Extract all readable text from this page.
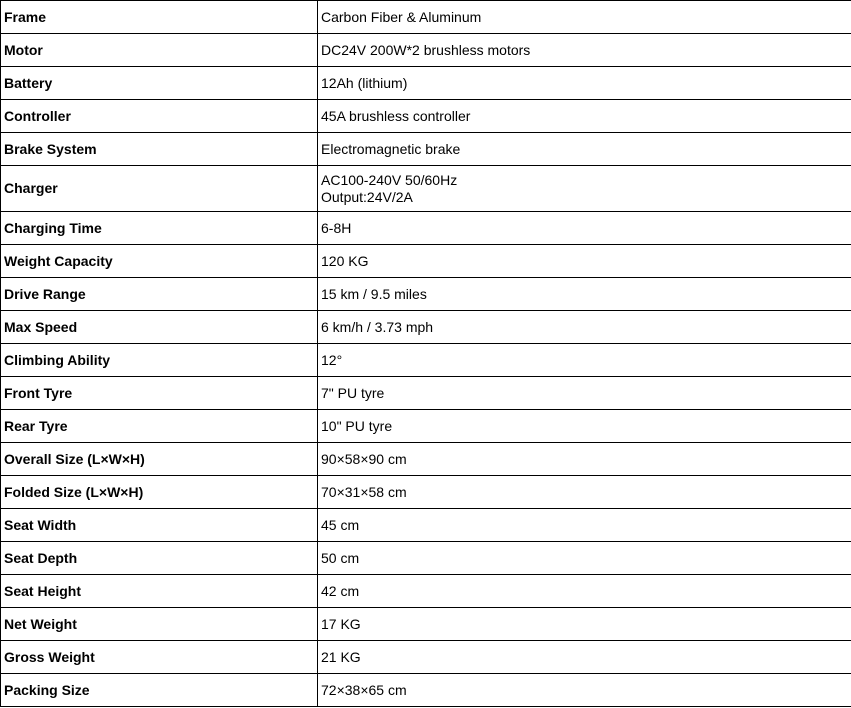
Frame	Carbon Fiber & Aluminum
Motor	DC24V 200W*2 brushless motors
Battery	12Ah (lithium)
Controller	45A brushless controller
Brake System	Electromagnetic brake
Charger	AC100-240V 50/60Hz
Output:24V/2A
Charging Time	6-8H
Weight Capacity	120 KG
Drive Range	15 km / 9.5 miles
Max Speed	6 km/h / 3.73 mph
Climbing Ability	12°
Front Tyre	7" PU tyre
Rear Tyre	10" PU tyre
Overall Size (L×W×H)	90×58×90 cm
Folded Size (L×W×H)	70×31×58 cm
Seat Width	45 cm
Seat Depth	50 cm
Seat Height	42 cm
Net Weight	17 KG
Gross Weight	21 KG
Packing Size	72×38×65 cm
